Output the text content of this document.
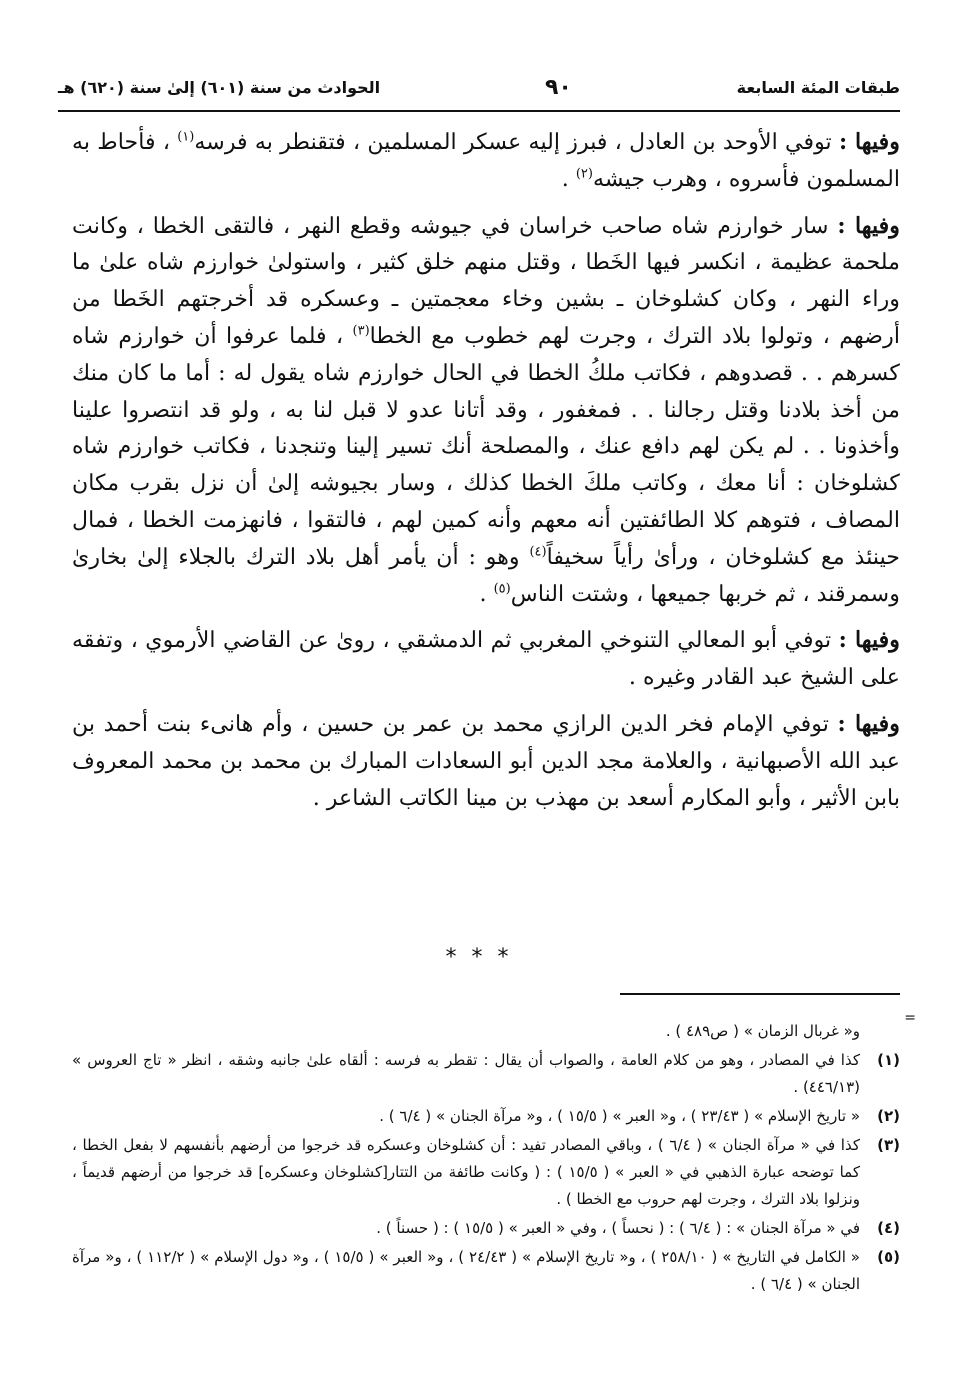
طبقات المئة السابعة
٩٠
الحوادث من سنة (٦٠١) إلىٰ سنة (٦٢٠) هـ

وفيها : توفي الأوحد بن العادل ، فبرز إليه عسكر المسلمين ، فتقنطر به فرسه$^{(١)}$ ، فأحاط به المسلمون فأسروه ، وهرب جيشه$^{(٢)}$ .

وفيها : سار خوارزم شاه صاحب خراسان في جيوشه وقطع النهر ، فالتقى الخطا ، وكانت ملحمة عظيمة ، انكسر فيها الخَطا ، وقتل منهم خلق كثير ، واستولىٰ خوارزم شاه علىٰ ما وراء النهر ، وكان كشلوخان ـ بشين وخاء معجمتين ـ وعسكره قد أخرجتهم الخَطا من أرضهم ، وتولوا بلاد الترك ، وجرت لهم خطوب مع الخطا$^{(٣)}$ ، فلما عرفوا أن خوارزم شاه كسرهم . . قصدوهم ، فكاتب ملكُ الخطا في الحال خوارزم شاه يقول له : أما ما كان منك من أخذ بلادنا وقتل رجالنا . . فمغفور ، وقد أتانا عدو لا قبل لنا به ، ولو قد انتصروا علينا وأخذونا . . لم يكن لهم دافع عنك ، والمصلحة أنك تسير إلينا وتنجدنا ، فكاتب خوارزم شاه كشلوخان : أنا معك ، وكاتب ملكَ الخطا كذلك ، وسار بجيوشه إلىٰ أن نزل بقرب مكان المصاف ، فتوهم كلا الطائفتين أنه معهم وأنه كمين لهم ، فالتقوا ، فانهزمت الخطا ، فمال حينئذ مع كشلوخان ، ورأىٰ رأياً سخيفاً$^{(٤)}$ وهو : أن يأمر أهل بلاد الترك بالجلاء إلىٰ بخارىٰ وسمرقند ، ثم خربها جميعها ، وشتت الناس$^{(٥)}$ .

وفيها : توفي أبو المعالي التنوخي المغربي ثم الدمشقي ، روىٰ عن القاضي الأرموي ، وتفقه على الشيخ عبد القادر وغيره .

وفيها : توفي الإمام فخر الدين الرازي محمد بن عمر بن حسين ، وأم هانىء بنت أحمد بن عبد الله الأصبهانية ، والعلامة مجد الدين أبو السعادات المبارك بن محمد بن محمد المعروف بابن الأثير ، وأبو المكارم أسعد بن مهذب بن مينا الكاتب الشاعر .

* * *
=
و« غربال الزمان » ( ص٤٨٩ ) .
(١)
كذا في المصادر ، وهو من كلام العامة ، والصواب أن يقال : تقطر به فرسه : ألقاه علىٰ جانبه وشقه ، انظر « تاج العروس » (٤٤٦/١٣) .
(٢)
« تاريخ الإسلام » ( ٢٣/٤٣ ) ، و« العبر » ( ١٥/٥ ) ، و« مرآة الجنان » ( ٦/٤ ) .
(٣)
كذا في « مرآة الجنان » ( ٦/٤ ) ، وباقي المصادر تفيد : أن كشلوخان وعسكره قد خرجوا من أرضهم بأنفسهم لا بفعل الخطا ، كما توضحه عبارة الذهبي في « العبر » ( ١٥/٥ ) : ( وكانت طائفة من التتار[كشلوخان وعسكره] قد خرجوا من أرضهم قديماً ، ونزلوا بلاد الترك ، وجرت لهم حروب مع الخطا ) .
(٤)
في « مرآة الجنان » : ( ٦/٤ ) : ( نحساً ) ، وفي « العبر » ( ١٥/٥ ) : ( حسناً ) .
(٥)
« الكامل في التاريخ » ( ٢٥٨/١٠ ) ، و« تاريخ الإسلام » ( ٢٤/٤٣ ) ، و« العبر » ( ١٥/٥ ) ، و« دول الإسلام » ( ١١٢/٢ ) ، و« مرآة الجنان » ( ٦/٤ ) .
